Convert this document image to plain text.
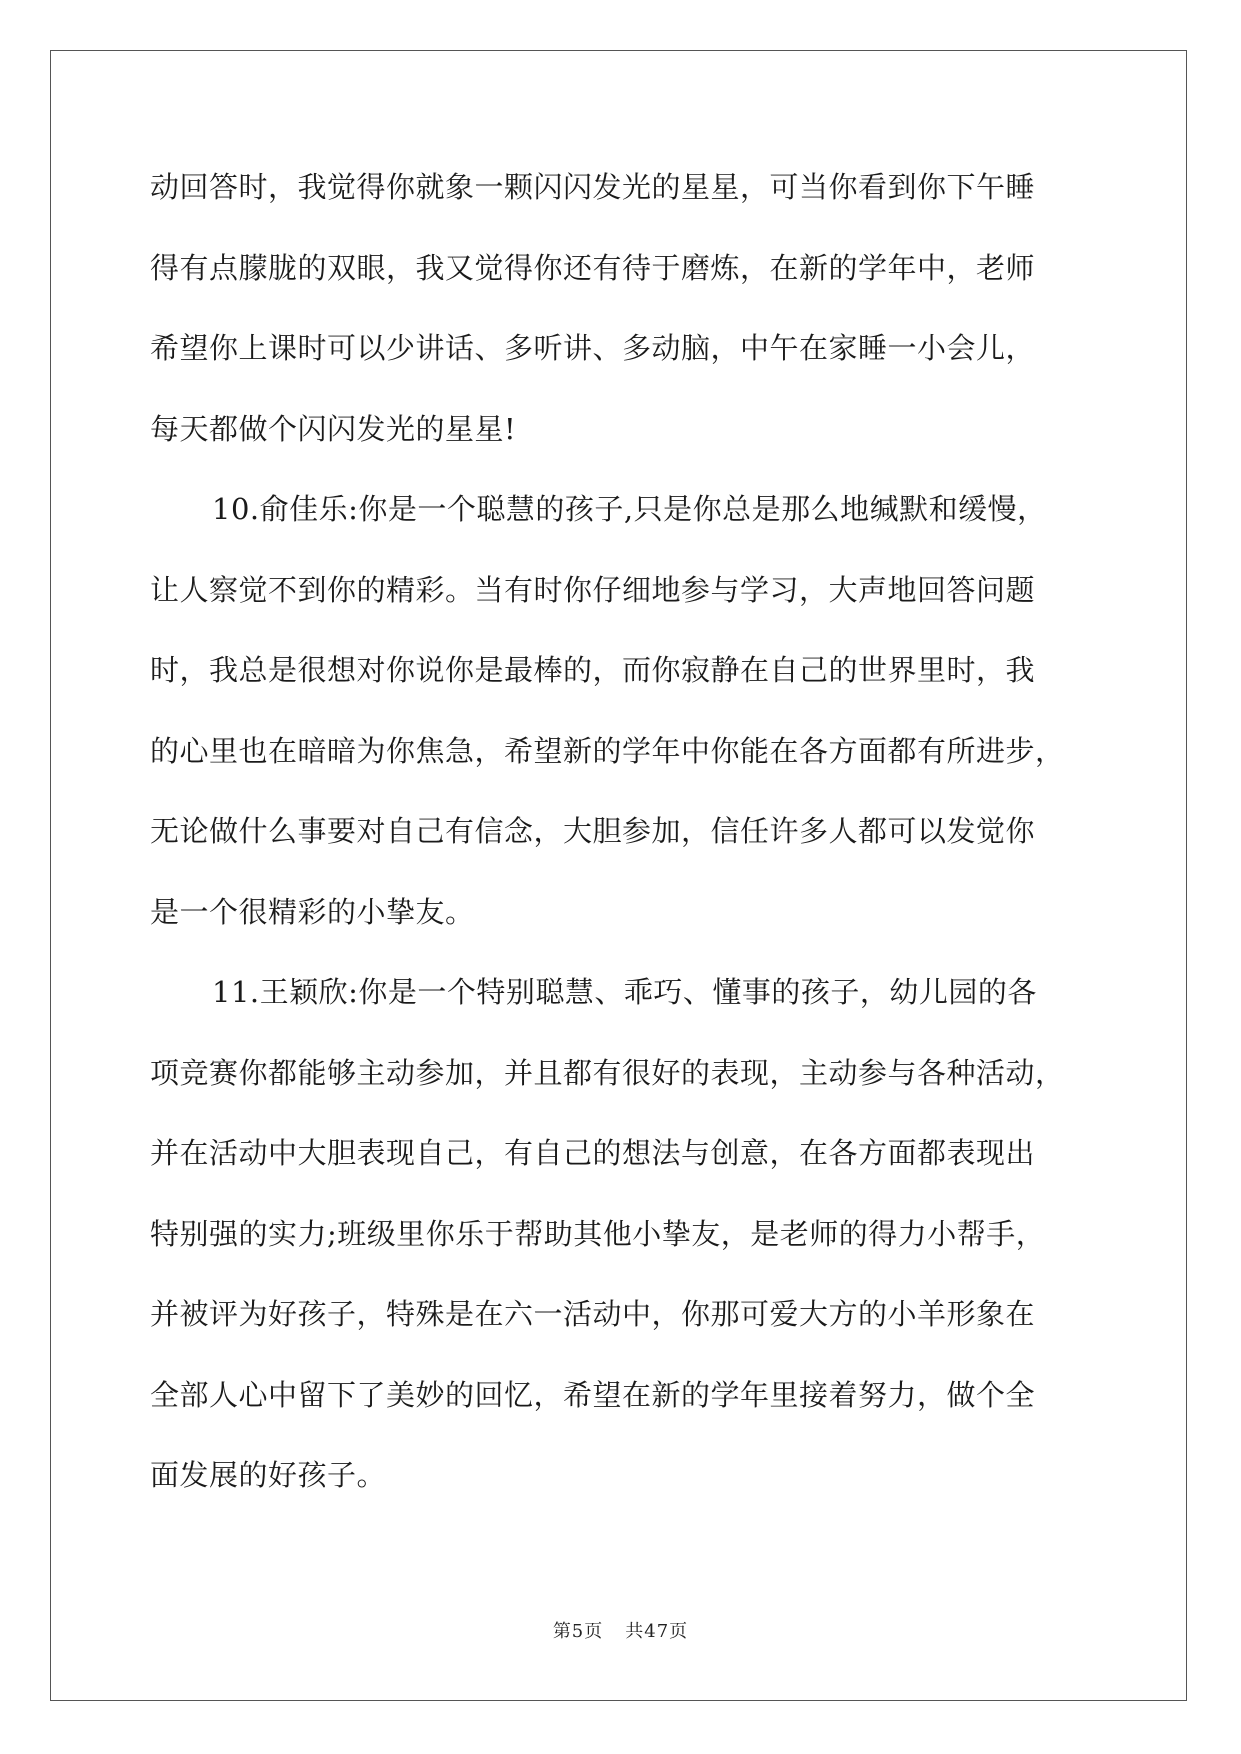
动回答时，我觉得你就象一颗闪闪发光的星星，可当你看到你下午睡
得有点朦胧的双眼，我又觉得你还有待于磨炼，在新的学年中，老师
希望你上课时可以少讲话、多听讲、多动脑，中午在家睡一小会儿，
每天都做个闪闪发光的星星!
10.俞佳乐:你是一个聪慧的孩子,只是你总是那么地缄默和缓慢，
让人察觉不到你的精彩。当有时你仔细地参与学习，大声地回答问题
时，我总是很想对你说你是最棒的，而你寂静在自己的世界里时，我
的心里也在暗暗为你焦急，希望新的学年中你能在各方面都有所进步，
无论做什么事要对自己有信念，大胆参加，信任许多人都可以发觉你
是一个很精彩的小挚友。
11.王颖欣:你是一个特别聪慧、乖巧、懂事的孩子，幼儿园的各
项竞赛你都能够主动参加，并且都有很好的表现，主动参与各种活动，
并在活动中大胆表现自己，有自己的想法与创意，在各方面都表现出
特别强的实力;班级里你乐于帮助其他小挚友，是老师的得力小帮手，
并被评为好孩子，特殊是在六一活动中，你那可爱大方的小羊形象在
全部人心中留下了美妙的回忆，希望在新的学年里接着努力，做个全
面发展的好孩子。
第5页 共47页
